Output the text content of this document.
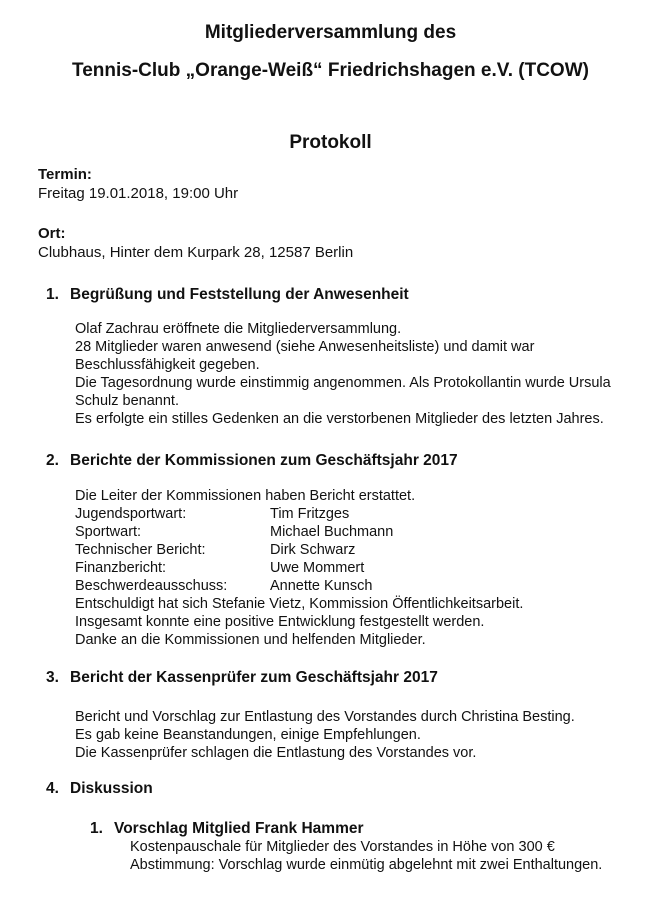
Mitgliederversammlung des
Tennis-Club „Orange-Weiß“ Friedrichshagen e.V. (TCOW)
Protokoll
Termin:
Freitag 19.01.2018, 19:00 Uhr
Ort:
Clubhaus, Hinter dem Kurpark 28, 12587 Berlin
1. Begrüßung und Feststellung der Anwesenheit

Olaf Zachrau eröffnete die Mitgliederversammlung.

28 Mitglieder waren anwesend (siehe Anwesenheitsliste) und damit war

Beschlussfähigkeit gegeben.

Die Tagesordnung wurde einstimmig angenommen. Als Protokollantin wurde Ursula

Schulz benannt.

Es erfolgte ein stilles Gedenken an die verstorbenen Mitglieder des letzten Jahres.

2. Berichte der Kommissionen zum Geschäftsjahr 2017

Die Leiter der Kommissionen haben Bericht erstattet.

Jugendsportwart:	Tim Fritzges
Sportwart:	Michael Buchmann
Technischer Bericht:	Dirk Schwarz
Finanzbericht:	Uwe Mommert
Beschwerdeausschuss:	Annette Kunsch

Entschuldigt hat sich Stefanie Vietz, Kommission Öffentlichkeitsarbeit.

Insgesamt konnte eine positive Entwicklung festgestellt werden.

Danke an die Kommissionen und helfenden Mitglieder.

3. Bericht der Kassenprüfer zum Geschäftsjahr 2017

Bericht und Vorschlag zur Entlastung des Vorstandes durch Christina Besting.

Es gab keine Beanstandungen, einige Empfehlungen.

Die Kassenprüfer schlagen die Entlastung des Vorstandes vor.

4. Diskussion
1. Vorschlag Mitglied Frank Hammer

Kostenpauschale für Mitglieder des Vorstandes in Höhe von 300 €

Abstimmung: Vorschlag wurde einmütig abgelehnt mit zwei Enthaltungen.
